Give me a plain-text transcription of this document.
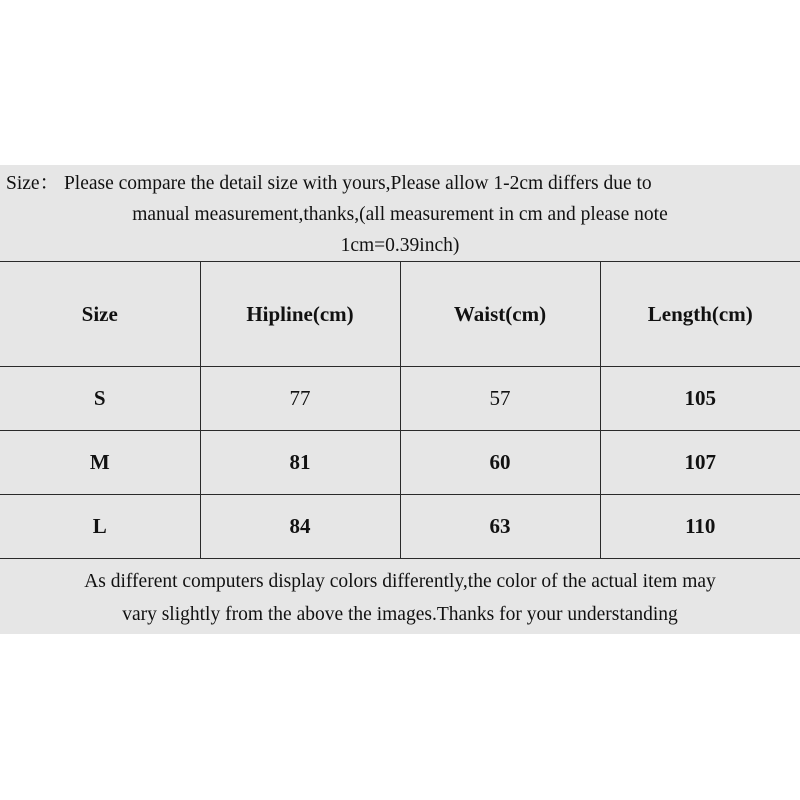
Size： Please compare the detail size with yours,Please allow 1-2cm differs due to
manual measurement,thanks,(all measurement in cm and please note
1cm=0.39inch)
Size	Hipline(cm)	Waist(cm)	Length(cm)
S	77	57	105
M	81	60	107
L	84	63	110
As different computers display colors differently,the color of the actual item may
vary slightly from the above the images.Thanks for your understanding
